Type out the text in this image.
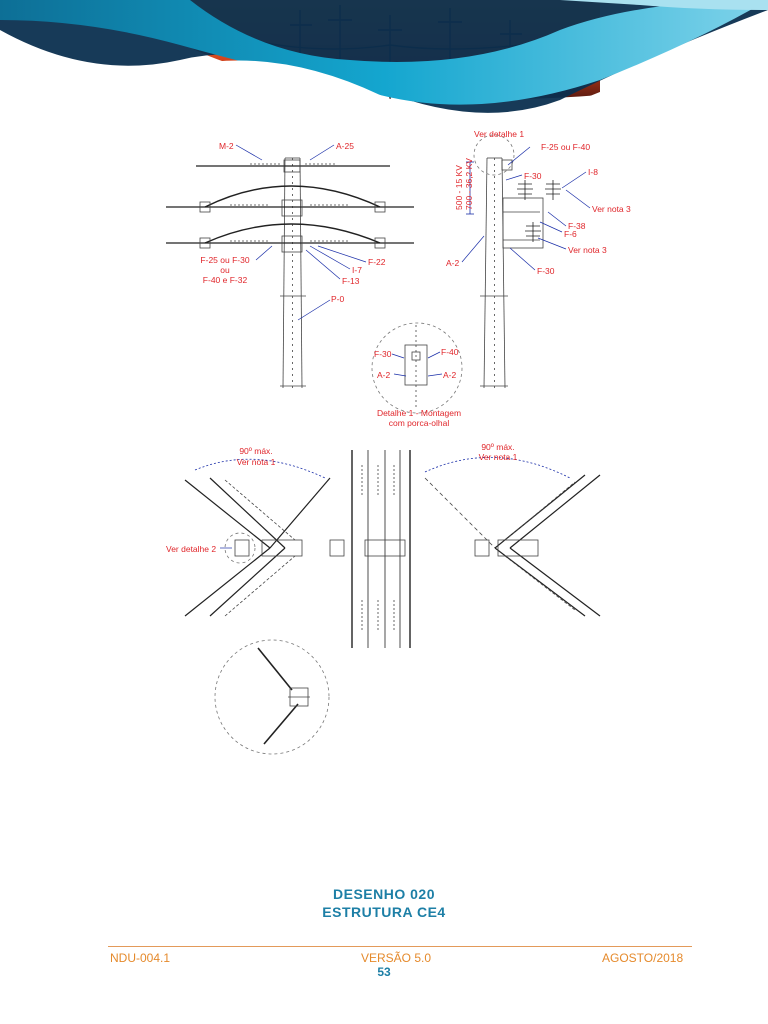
M-2	A-25
F-25 ou F-30
ou
F-40 e F-32
F-22
I-7
F-13
P-0
Ver detalhe 1
F-25 ou F-40
F-30	I-8
500 - 15 KV 700 - 36,2 KV	Ver nota 3
F-38
F-6
Ver nota 3
A-2
F-30
F-30	F-40
A-2	A-2
Detalhe 1 - Montagem
com porca-olhal
90º máx.
Ver nota 1
90º máx.
Ver nota 1
Ver detalhe 2
DESENHO 020
ESTRUTURA CE4
NDU-004.1	VERSÃO 5.0	AGOSTO/2018
53
